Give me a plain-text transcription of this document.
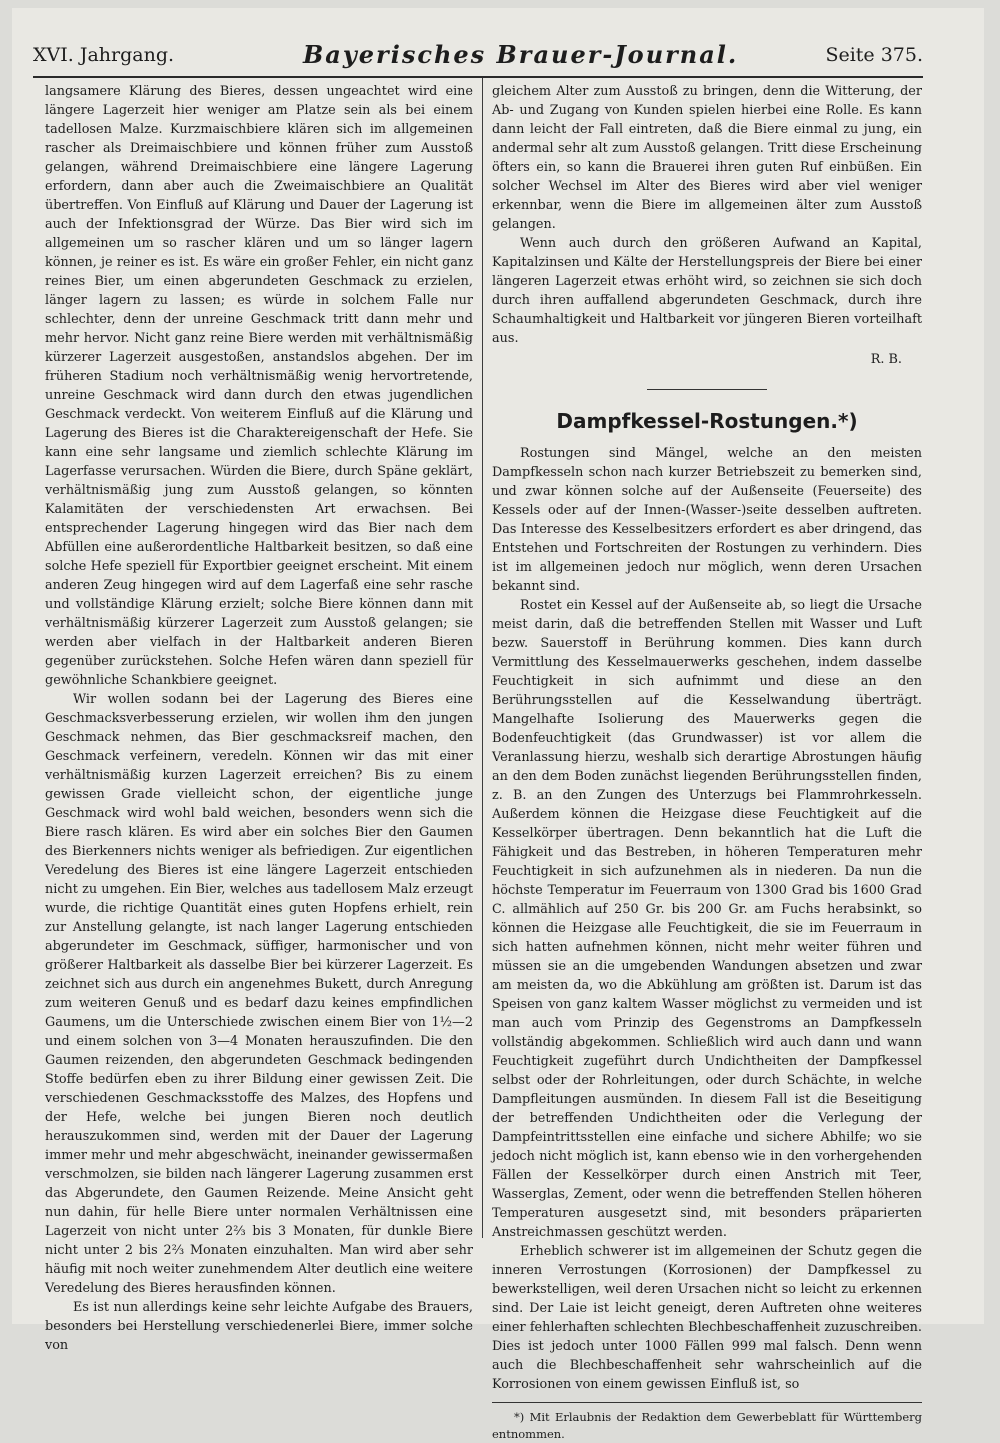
XVI. Jahrgang.	Bayerisches Brauer-Journal.	Seite 375.

langsamere Klärung des Bieres, dessen ungeachtet wird eine längere Lagerzeit hier weniger am Platze sein als bei einem tadellosen Malze. Kurzmaischbiere klären sich im allgemeinen rascher als Dreimaischbiere und können früher zum Ausstoß gelangen, während Dreimaischbiere eine längere Lagerung erfordern, dann aber auch die Zweimaischbiere an Qualität übertreffen. Von Einfluß auf Klärung und Dauer der Lagerung ist auch der Infektionsgrad der Würze. Das Bier wird sich im allgemeinen um so rascher klären und um so länger lagern können, je reiner es ist. Es wäre ein großer Fehler, ein nicht ganz reines Bier, um einen abgerundeten Geschmack zu erzielen, länger lagern zu lassen; es würde in solchem Falle nur schlechter, denn der unreine Geschmack tritt dann mehr und mehr hervor. Nicht ganz reine Biere werden mit verhältnismäßig kürzerer Lagerzeit ausgestoßen, anstandslos abgehen. Der im früheren Stadium noch verhältnismäßig wenig hervortretende, unreine Geschmack wird dann durch den etwas jugendlichen Geschmack verdeckt. Von weiterem Einfluß auf die Klärung und Lagerung des Bieres ist die Charaktereigenschaft der Hefe. Sie kann eine sehr langsame und ziemlich schlechte Klärung im Lagerfasse verursachen. Würden die Biere, durch Späne geklärt, verhältnismäßig jung zum Ausstoß gelangen, so könnten Kalamitäten der verschiedensten Art erwachsen. Bei entsprechender Lagerung hingegen wird das Bier nach dem Abfüllen eine außerordentliche Haltbarkeit besitzen, so daß eine solche Hefe speziell für Exportbier geeignet erscheint. Mit einem anderen Zeug hingegen wird auf dem Lagerfaß eine sehr rasche und vollständige Klärung erzielt; solche Biere können dann mit verhältnismäßig kürzerer Lagerzeit zum Ausstoß gelangen; sie werden aber vielfach in der Haltbarkeit anderen Bieren gegenüber zurückstehen. Solche Hefen wären dann speziell für gewöhnliche Schankbiere geeignet.

Wir wollen sodann bei der Lagerung des Bieres eine Geschmacksverbesserung erzielen, wir wollen ihm den jungen Geschmack nehmen, das Bier geschmacksreif machen, den Geschmack verfeinern, veredeln. Können wir das mit einer verhältnismäßig kurzen Lagerzeit erreichen? Bis zu einem gewissen Grade vielleicht schon, der eigentliche junge Geschmack wird wohl bald weichen, besonders wenn sich die Biere rasch klären. Es wird aber ein solches Bier den Gaumen des Bierkenners nichts weniger als befriedigen. Zur eigentlichen Veredelung des Bieres ist eine längere Lagerzeit entschieden nicht zu umgehen. Ein Bier, welches aus tadellosem Malz erzeugt wurde, die richtige Quantität eines guten Hopfens erhielt, rein zur Anstellung gelangte, ist nach langer Lagerung entschieden abgerundeter im Geschmack, süffiger, harmonischer und von größerer Haltbarkeit als dasselbe Bier bei kürzerer Lagerzeit. Es zeichnet sich aus durch ein angenehmes Bukett, durch Anregung zum weiteren Genuß und es bedarf dazu keines empfindlichen Gaumens, um die Unterschiede zwischen einem Bier von 1½—2 und einem solchen von 3—4 Monaten herauszufinden. Die den Gaumen reizenden, den abgerundeten Geschmack bedingenden Stoffe bedürfen eben zu ihrer Bildung einer gewissen Zeit. Die verschiedenen Geschmacksstoffe des Malzes, des Hopfens und der Hefe, welche bei jungen Bieren noch deutlich herauszukommen sind, werden mit der Dauer der Lagerung immer mehr und mehr abgeschwächt, ineinander gewissermaßen verschmolzen, sie bilden nach längerer Lagerung zusammen erst das Abgerundete, den Gaumen Reizende. Meine Ansicht geht nun dahin, für helle Biere unter normalen Verhältnissen eine Lagerzeit von nicht unter 2⅔ bis 3 Monaten, für dunkle Biere nicht unter 2 bis 2⅔ Monaten einzuhalten. Man wird aber sehr häufig mit noch weiter zunehmendem Alter deutlich eine weitere Veredelung des Bieres herausfinden können.

Es ist nun allerdings keine sehr leichte Aufgabe des Brauers, besonders bei Herstellung verschiedenerlei Biere, immer solche von

gleichem Alter zum Ausstoß zu bringen, denn die Witterung, der Ab- und Zugang von Kunden spielen hierbei eine Rolle. Es kann dann leicht der Fall eintreten, daß die Biere einmal zu jung, ein andermal sehr alt zum Ausstoß gelangen. Tritt diese Erscheinung öfters ein, so kann die Brauerei ihren guten Ruf einbüßen. Ein solcher Wechsel im Alter des Bieres wird aber viel weniger erkennbar, wenn die Biere im allgemeinen älter zum Ausstoß gelangen.

Wenn auch durch den größeren Aufwand an Kapital, Kapitalzinsen und Kälte der Herstellungspreis der Biere bei einer längeren Lagerzeit etwas erhöht wird, so zeichnen sie sich doch durch ihren auffallend abgerundeten Geschmack, durch ihre Schaumhaltigkeit und Haltbarkeit vor jüngeren Bieren vorteilhaft aus.

R. B.
Dampfkessel-Rostungen.*)

Rostungen sind Mängel, welche an den meisten Dampfkesseln schon nach kurzer Betriebszeit zu bemerken sind, und zwar können solche auf der Außenseite (Feuerseite) des Kessels oder auf der Innen-(Wasser-)seite desselben auftreten. Das Interesse des Kesselbesitzers erfordert es aber dringend, das Entstehen und Fortschreiten der Rostungen zu verhindern. Dies ist im allgemeinen jedoch nur möglich, wenn deren Ursachen bekannt sind.

Rostet ein Kessel auf der Außenseite ab, so liegt die Ursache meist darin, daß die betreffenden Stellen mit Wasser und Luft bezw. Sauerstoff in Berührung kommen. Dies kann durch Vermittlung des Kesselmauerwerks geschehen, indem dasselbe Feuchtigkeit in sich aufnimmt und diese an den Berührungsstellen auf die Kesselwandung überträgt. Mangelhafte Isolierung des Mauerwerks gegen die Bodenfeuchtigkeit (das Grundwasser) ist vor allem die Veranlassung hierzu, weshalb sich derartige Abrostungen häufig an den dem Boden zunächst liegenden Berührungsstellen finden, z. B. an den Zungen des Unterzugs bei Flammrohrkesseln. Außerdem können die Heizgase diese Feuchtigkeit auf die Kesselkörper übertragen. Denn bekanntlich hat die Luft die Fähigkeit und das Bestreben, in höheren Temperaturen mehr Feuchtigkeit in sich aufzunehmen als in niederen. Da nun die höchste Temperatur im Feuerraum von 1300 Grad bis 1600 Grad C. allmählich auf 250 Gr. bis 200 Gr. am Fuchs herabsinkt, so können die Heizgase alle Feuchtigkeit, die sie im Feuerraum in sich hatten aufnehmen können, nicht mehr weiter führen und müssen sie an die umgebenden Wandungen absetzen und zwar am meisten da, wo die Abkühlung am größten ist. Darum ist das Speisen von ganz kaltem Wasser möglichst zu vermeiden und ist man auch vom Prinzip des Gegenstroms an Dampfkesseln vollständig abgekommen. Schließlich wird auch dann und wann Feuchtigkeit zugeführt durch Undichtheiten der Dampfkessel selbst oder der Rohrleitungen, oder durch Schächte, in welche Dampfleitungen ausmünden. In diesem Fall ist die Beseitigung der betreffenden Undichtheiten oder die Verlegung der Dampfeintrittsstellen eine einfache und sichere Abhilfe; wo sie jedoch nicht möglich ist, kann ebenso wie in den vorhergehenden Fällen der Kesselkörper durch einen Anstrich mit Teer, Wasserglas, Zement, oder wenn die betreffenden Stellen höheren Temperaturen ausgesetzt sind, mit besonders präparierten Anstreichmassen geschützt werden.

Erheblich schwerer ist im allgemeinen der Schutz gegen die inneren Verrostungen (Korrosionen) der Dampfkessel zu bewerkstelligen, weil deren Ursachen nicht so leicht zu erkennen sind. Der Laie ist leicht geneigt, deren Auftreten ohne weiteres einer fehlerhaften schlechten Blechbeschaffenheit zuzuschreiben. Dies ist jedoch unter 1000 Fällen 999 mal falsch. Denn wenn auch die Blechbeschaffenheit sehr wahrscheinlich auf die Korrosionen von einem gewissen Einfluß ist, so

*) Mit Erlaubnis der Redaktion dem Gewerbeblatt für Württemberg entnommen.
